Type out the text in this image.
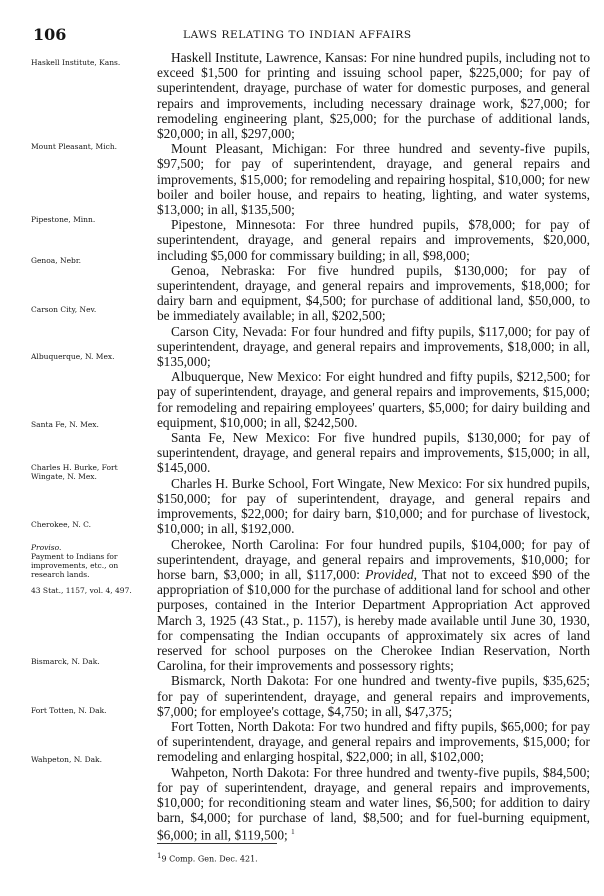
106	LAWS RELATING TO INDIAN AFFAIRS
Haskell Institute, Kans.
Mount Pleasant, Mich.
Pipestone, Minn.
Genoa, Nebr.
Carson City, Nev.
Albuquerque, N. Mex.
Santa Fe, N. Mex.
Charles H. Burke, Fort Wingate, N. Mex.
Cherokee, N. C.
Proviso.
Payment to Indians for improvements, etc., on research lands.
43 Stat., 1157, vol. 4, 497.
Bismarck, N. Dak.
Fort Totten, N. Dak.
Wahpeton, N. Dak.

Haskell Institute, Lawrence, Kansas: For nine hundred pupils, including not to exceed $1,500 for printing and issuing school paper, $225,000; for pay of superintendent, drayage, purchase of water for domestic purposes, and general repairs and improvements, including necessary drainage work, $27,000; for remodeling engineering plant, $25,000; for the purchase of additional lands, $20,000; in all, $297,000;

Mount Pleasant, Michigan: For three hundred and seventy-five pupils, $97,500; for pay of superintendent, drayage, and general repairs and improvements, $15,000; for remodeling and repairing hospital, $10,000; for new boiler and boiler house, and repairs to heating, lighting, and water systems, $13,000; in all, $135,500;

Pipestone, Minnesota: For three hundred pupils, $78,000; for pay of superintendent, drayage, and general repairs and improvements, $20,000, including $5,000 for commissary building; in all, $98,000;

Genoa, Nebraska: For five hundred pupils, $130,000; for pay of superintendent, drayage, and general repairs and improvements, $18,000; for dairy barn and equipment, $4,500; for purchase of additional land, $50,000, to be immediately available; in all, $202,500;

Carson City, Nevada: For four hundred and fifty pupils, $117,000; for pay of superintendent, drayage, and general repairs and improvements, $18,000; in all, $135,000;

Albuquerque, New Mexico: For eight hundred and fifty pupils, $212,500; for pay of superintendent, drayage, and general repairs and improvements, $15,000; for remodeling and repairing employees' quarters, $5,000; for dairy building and equipment, $10,000; in all, $242,500.

Santa Fe, New Mexico: For five hundred pupils, $130,000; for pay of superintendent, drayage, and general repairs and improvements, $15,000; in all, $145,000.

Charles H. Burke School, Fort Wingate, New Mexico: For six hundred pupils, $150,000; for pay of superintendent, drayage, and general repairs and improvements, $22,000; for dairy barn, $10,000; and for purchase of livestock, $10,000; in all, $192,000.

Cherokee, North Carolina: For four hundred pupils, $104,000; for pay of superintendent, drayage, and general repairs and improvements, $10,000; for horse barn, $3,000; in all, $117,000: Provided, That not to exceed $90 of the appropriation of $10,000 for the purchase of additional land for school and other purposes, contained in the Interior Department Appropriation Act approved March 3, 1925 (43 Stat., p. 1157), is hereby made available until June 30, 1930, for compensating the Indian occupants of approximately six acres of land reserved for school purposes on the Cherokee Indian Reservation, North Carolina, for their improvements and possessory rights;

Bismarck, North Dakota: For one hundred and twenty-five pupils, $35,625; for pay of superintendent, drayage, and general repairs and improvements, $7,000; for employee's cottage, $4,750; in all, $47,375;

Fort Totten, North Dakota: For two hundred and fifty pupils, $65,000; for pay of superintendent, drayage, and general repairs and improvements, $15,000; for remodeling and enlarging hospital, $22,000; in all, $102,000;

Wahpeton, North Dakota: For three hundred and twenty-five pupils, $84,500; for pay of superintendent, drayage, and general repairs and improvements, $10,000; for reconditioning steam and water lines, $6,500; for addition to dairy barn, $4,000; for purchase of land, $8,500; and for fuel-burning equipment, $6,000; in all, $119,500; $^1$

$^1$9 Comp. Gen. Dec. 421.
